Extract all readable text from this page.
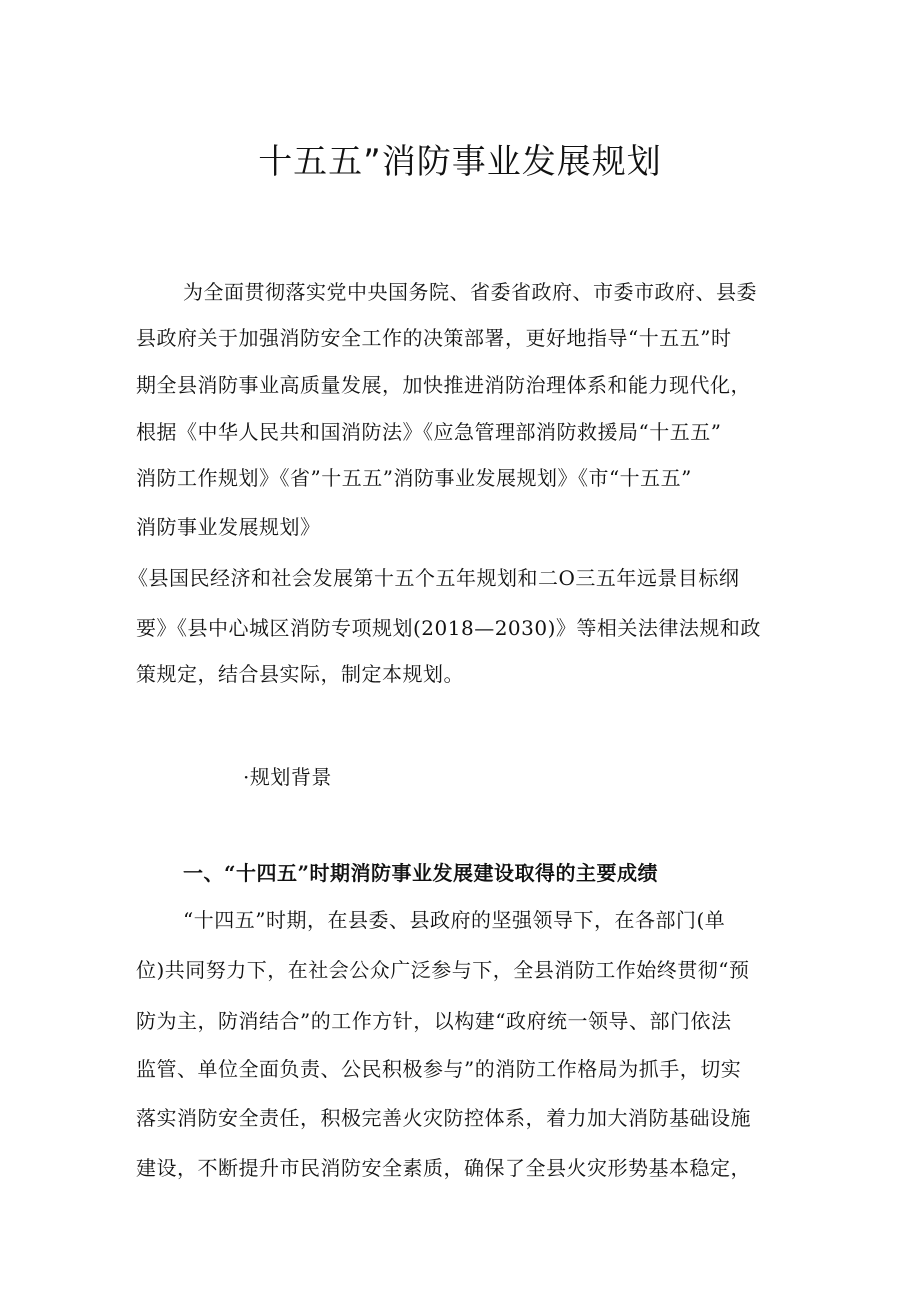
十五五”消防事业发展规划
为全面贯彻落实党中央国务院、省委省政府、市委市政府、县委
县政府关于加强消防安全工作的决策部署，更好地指导“十五五”时
期全县消防事业高质量发展，加快推进消防治理体系和能力现代化，
根据《中华人民共和国消防法》《应急管理部消防救援局“十五五”
消防工作规划》《省”十五五”消防事业发展规划》《市“十五五”
消防事业发展规划》
《县国民经济和社会发展第十五个五年规划和二O三五年远景目标纲
要》《县中心城区消防专项规划(2018—2030)》等相关法律法规和政
策规定，结合县实际，制定本规划。
·规划背景
一、“十四五”时期消防事业发展建设取得的主要成绩
“十四五”时期，在县委、县政府的坚强领导下，在各部门(单
位)共同努力下，在社会公众广泛参与下，全县消防工作始终贯彻“预
防为主，防消结合”的工作方针，以构建“政府统一领导、部门依法
监管、单位全面负责、公民积极参与”的消防工作格局为抓手，切实
落实消防安全责任，积极完善火灾防控体系，着力加大消防基础设施
建设，不断提升市民消防安全素质，确保了全县火灾形势基本稳定，
